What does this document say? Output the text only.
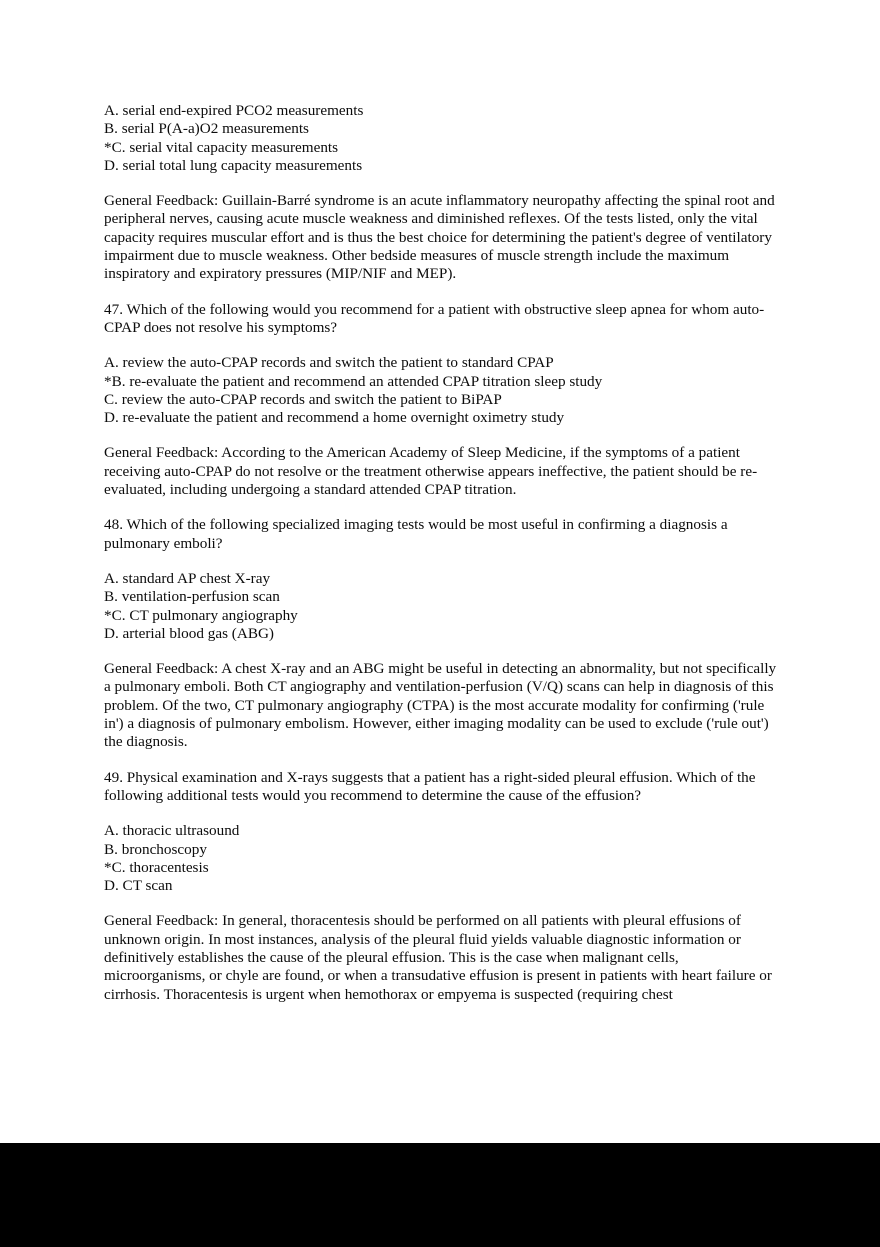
A. serial end-expired PCO2 measurements
B. serial P(A-a)O2 measurements
*C. serial vital capacity measurements
D. serial total lung capacity measurements
General Feedback: Guillain-Barré syndrome is an acute inflammatory neuropathy affecting the spinal root and peripheral nerves, causing acute muscle weakness and diminished reflexes. Of the tests listed, only the vital capacity requires muscular effort and is thus the best choice for determining the patient's degree of ventilatory impairment due to muscle weakness. Other bedside measures of muscle strength include the maximum inspiratory and expiratory pressures (MIP/NIF and MEP).
47. Which of the following would you recommend for a patient with obstructive sleep apnea for whom auto-CPAP does not resolve his symptoms?
A. review the auto-CPAP records and switch the patient to standard CPAP
*B. re-evaluate the patient and recommend an attended CPAP titration sleep study
C. review the auto-CPAP records and switch the patient to BiPAP
D. re-evaluate the patient and recommend a home overnight oximetry study
General Feedback: According to the American Academy of Sleep Medicine, if the symptoms of a patient receiving auto-CPAP do not resolve or the treatment otherwise appears ineffective, the patient should be re-evaluated, including undergoing a standard attended CPAP titration.
48. Which of the following specialized imaging tests would be most useful in confirming a diagnosis a pulmonary emboli?
A. standard AP chest X-ray
B. ventilation-perfusion scan
*C. CT pulmonary angiography
D. arterial blood gas (ABG)
General Feedback: A chest X-ray and an ABG might be useful in detecting an abnormality, but not specifically a pulmonary emboli. Both CT angiography and ventilation-perfusion (V/Q) scans can help in diagnosis of this problem. Of the two, CT pulmonary angiography (CTPA) is the most accurate modality for confirming ('rule in') a diagnosis of pulmonary embolism. However, either imaging modality can be used to exclude ('rule out') the diagnosis.
49. Physical examination and X-rays suggests that a patient has a right-sided pleural effusion. Which of the following additional tests would you recommend to determine the cause of the effusion?
A. thoracic ultrasound
B. bronchoscopy
*C. thoracentesis
D. CT scan
General Feedback: In general, thoracentesis should be performed on all patients with pleural effusions of unknown origin. In most instances, analysis of the pleural fluid yields valuable diagnostic information or definitively establishes the cause of the pleural effusion. This is the case when malignant cells, microorganisms, or chyle are found, or when a transudative effusion is present in patients with heart failure or cirrhosis. Thoracentesis is urgent when hemothorax or empyema is suspected (requiring chest
